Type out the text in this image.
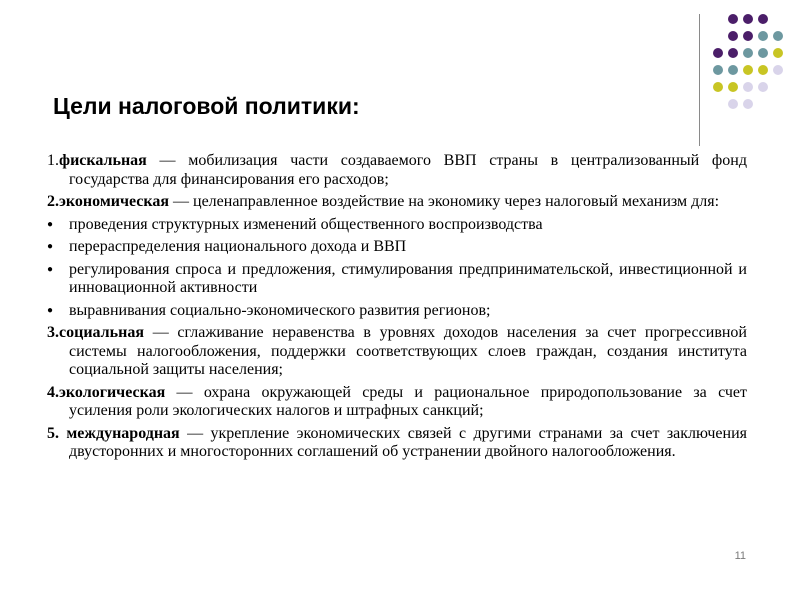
Цели налоговой политики:

1.фискальная — мобилизация части создаваемого ВВП страны в централизованный фонд государства для финансирования его расходов;

2.экономическая — целенаправленное воздействие на экономику через налоговый механизм для:

● проведения структурных изменений общественного воспроизводства

● перераспределения национального дохода и ВВП

● регулирования спроса и предложения, стимулирования предпринимательской, инвестиционной и инновационной активности

● выравнивания социально-экономического развития регионов;

3.социальная — сглаживание неравенства в уровнях доходов населения за счет прогрессивной системы налогообложения, поддержки соответствующих слоев граждан, создания института социальной защиты населения;

4.экологическая — охрана окружающей среды и рациональное природопользование за счет усиления роли экологических налогов и штрафных санкций;

5. международная — укрепление экономических связей с другими странами за счет заключения двусторонних и многосторонних соглашений об устранении двойного налогообложения.

11
